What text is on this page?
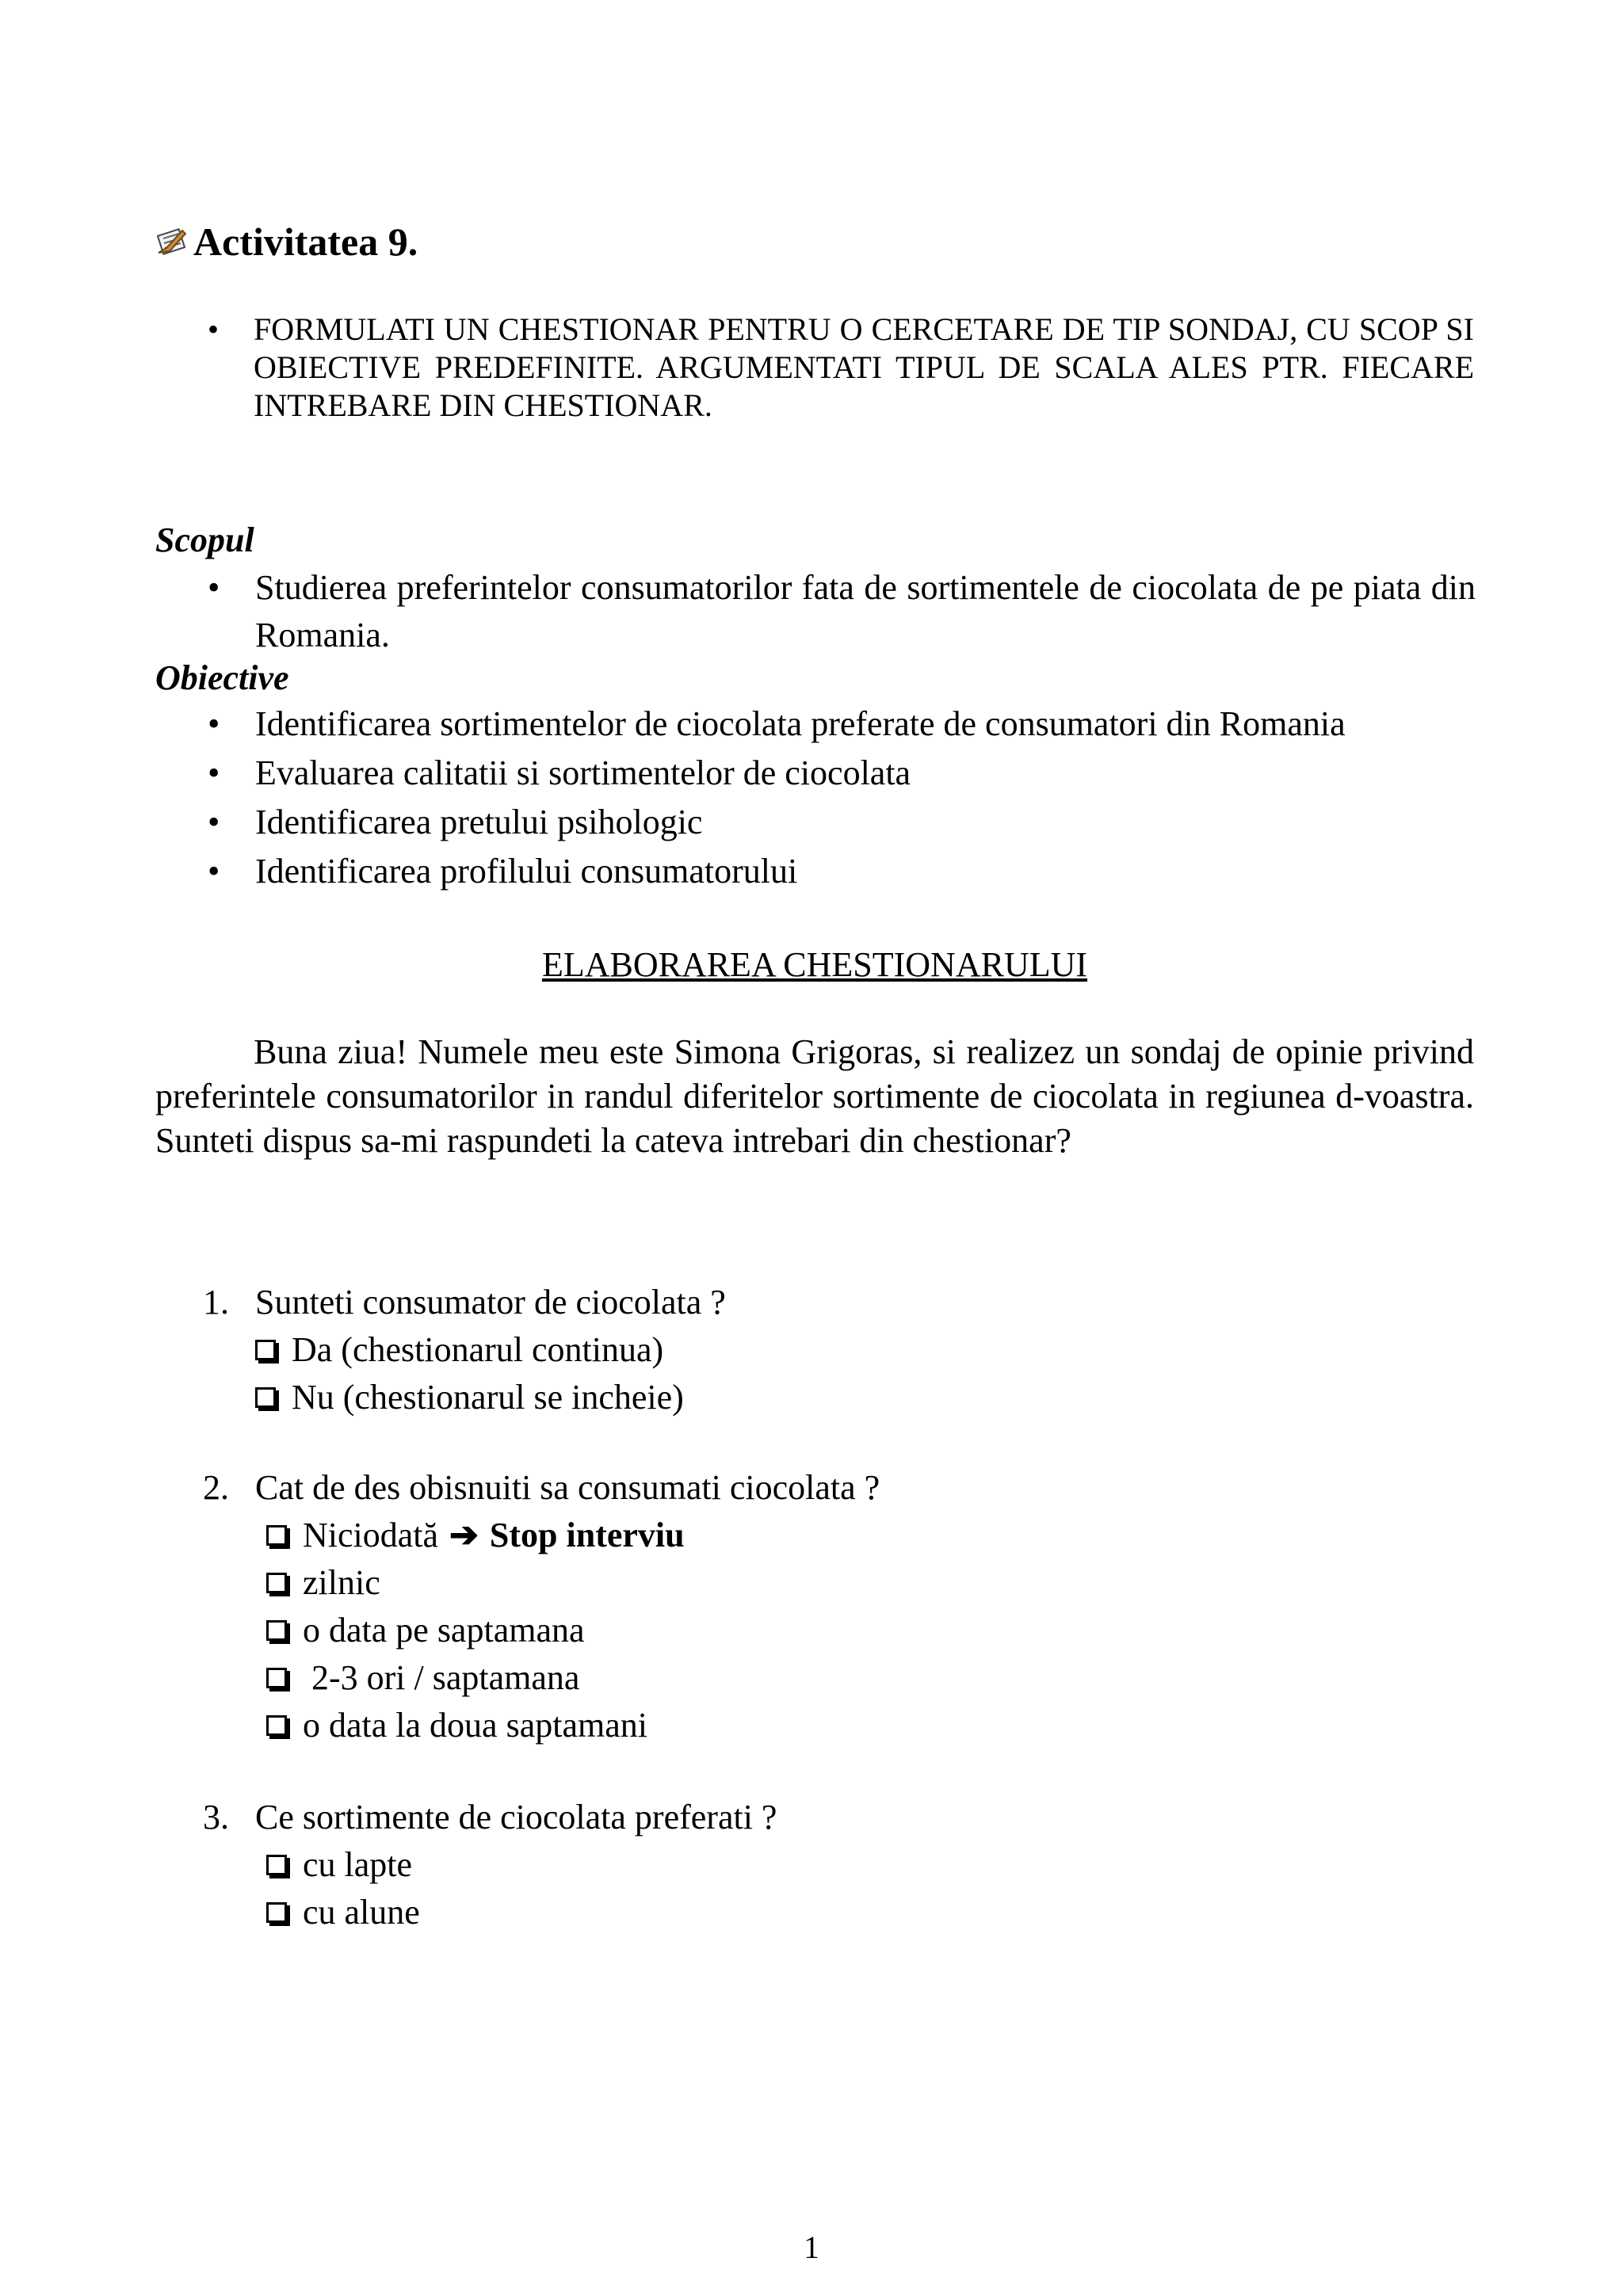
Activitatea 9.
• FORMULATI UN CHESTIONAR PENTRU O CERCETARE DE TIP SONDAJ, CU SCOP SI OBIECTIVE PREDEFINITE. ARGUMENTATI TIPUL DE SCALA ALES PTR. FIECARE INTREBARE DIN CHESTIONAR.
Scopul
• Studierea preferintelor consumatorilor fata de sortimentele de ciocolata de pe piata din Romania.
Obiective
• Identificarea sortimentelor de ciocolata preferate de consumatori din Romania
• Evaluarea calitatii si sortimentelor de ciocolata
• Identificarea pretului psihologic
• Identificarea profilului consumatorului
ELABORAREA CHESTIONARULUI
Buna ziua! Numele meu este Simona Grigoras, si realizez un sondaj de opinie privind preferintele consumatorilor in randul diferitelor sortimente de ciocolata in regiunea d-voastra. Sunteti dispus sa-mi raspundeti la cateva intrebari din chestionar?
1. Sunteti consumator de ciocolata ?
Da (chestionarul continua)
Nu (chestionarul se incheie)
2. Cat de des obisnuiti sa consumati ciocolata ?
Niciodată ➔ Stop interviu
zilnic
o data pe saptamana
2-3 ori / saptamana
o data la doua saptamani
3. Ce sortimente de ciocolata preferati ?
cu lapte
cu alune
1
